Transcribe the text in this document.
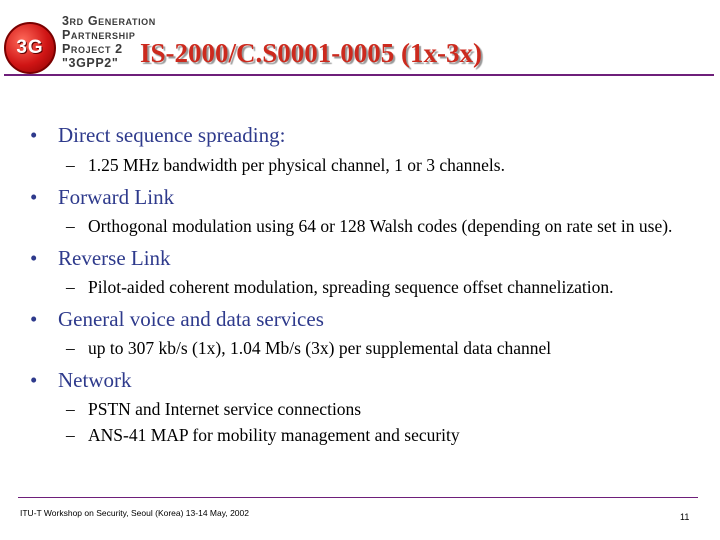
3G
3rd Generation
Partnership
Project 2
"3GPP2" IS-2000/C.S0001-0005 (1x-3x)
• Direct sequence spreading:
– 1.25 MHz bandwidth per physical channel, 1 or 3 channels.
• Forward Link
– Orthogonal modulation using 64 or 128 Walsh codes (depending on rate set in use).
• Reverse Link
– Pilot-aided coherent modulation, spreading sequence offset channelization.
• General voice and data services
– up to 307 kb/s (1x), 1.04 Mb/s (3x) per supplemental data channel
• Network
– PSTN and Internet service connections
– ANS-41 MAP for mobility management and security
ITU-T Workshop on Security, Seoul (Korea) 13-14 May, 2002	11
